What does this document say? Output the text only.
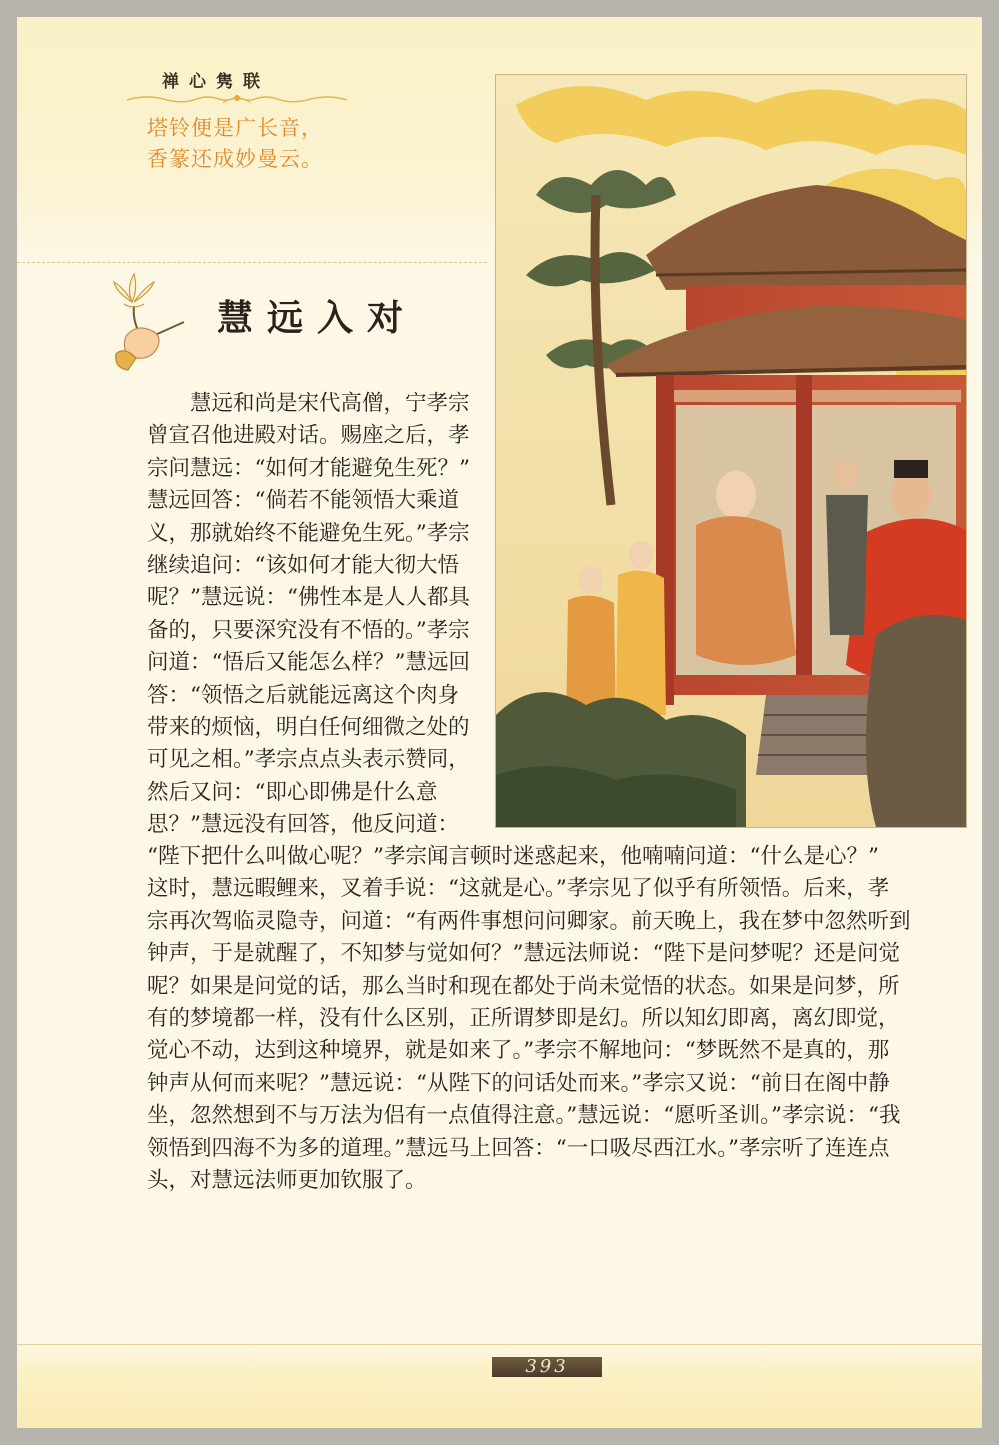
禅心隽联
塔铃便是广长音，
香篆还成妙曼云。
慧远入对
　　慧远和尚是宋代高僧，宁孝宗
曾宣召他进殿对话。赐座之后，孝
宗问慧远：“如何才能避免生死？”
慧远回答：“倘若不能领悟大乘道
义，那就始终不能避免生死。”孝宗
继续追问：“该如何才能大彻大悟
呢？”慧远说：“佛性本是人人都具
备的，只要深究没有不悟的。”孝宗
问道：“悟后又能怎么样？”慧远回
答：“领悟之后就能远离这个肉身
带来的烦恼，明白任何细微之处的
可见之相。”孝宗点点头表示赞同，
然后又问：“即心即佛是什么意
思？”慧远没有回答，他反问道：
“陛下把什么叫做心呢？”孝宗闻言顿时迷惑起来，他喃喃问道：“什么是心？”
这时，慧远暇鲤来，叉着手说：“这就是心。”孝宗见了似乎有所领悟。后来，孝
宗再次驾临灵隐寺，问道：“有两件事想问问卿家。前天晚上，我在梦中忽然听到
钟声，于是就醒了，不知梦与觉如何？”慧远法师说：“陛下是问梦呢？还是问觉
呢？如果是问觉的话，那么当时和现在都处于尚未觉悟的状态。如果是问梦，所
有的梦境都一样，没有什么区别，正所谓梦即是幻。所以知幻即离，离幻即觉，
觉心不动，达到这种境界，就是如来了。”孝宗不解地问：“梦既然不是真的，那
钟声从何而来呢？”慧远说：“从陛下的问话处而来。”孝宗又说：“前日在阁中静
坐，忽然想到不与万法为侣有一点值得注意。”慧远说：“愿听圣训。”孝宗说：“我
领悟到四海不为多的道理。”慧远马上回答：“一口吸尽西江水。”孝宗听了连连点
头，对慧远法师更加钦服了。
393
